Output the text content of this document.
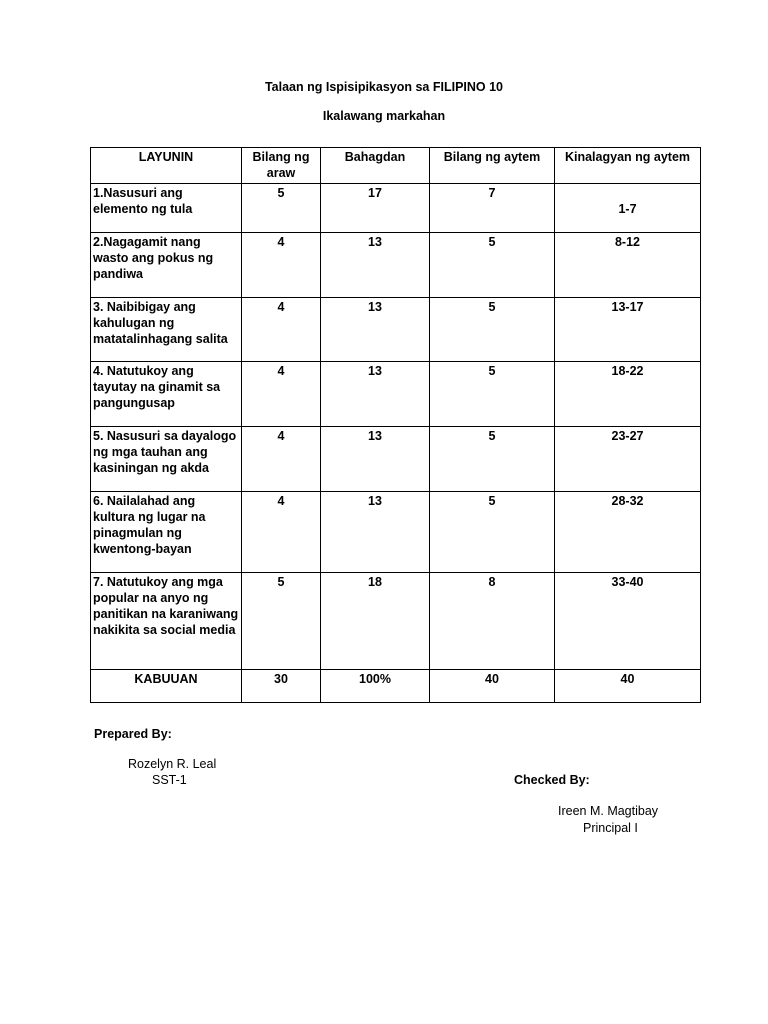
Talaan ng Ispisipikasyon sa FILIPINO 10
Ikalawang markahan
LAYUNIN	Bilang ng araw	Bahagdan	Bilang ng aytem	Kinalagyan ng aytem
1.Nasusuri ang elemento ng tula	5	17	7	1-7

2.Nagagamit nang wasto ang pokus ng pandiwa	4	13	5	8-12
3. Naibibigay ang kahulugan ng matatalinhagang salita	4	13	5	13-17
4. Natutukoy ang tayutay na ginamit sa pangungusap	4	13	5	18-22
5. Nasusuri sa dayalogo ng mga tauhan ang kasiningan ng akda	4	13	5	23-27
6. Nailalahad ang kultura ng lugar na pinagmulan ng kwentong-bayan	4	13	5	28-32
7. Natutukoy ang mga popular na anyo ng panitikan na karaniwang nakikita sa social media	5	18	8	33-40
KABUUAN	30	100%	40	40
Prepared By:
Rozelyn R. Leal
SST-1	Checked By:
Ireen M. Magtibay
Principal I
